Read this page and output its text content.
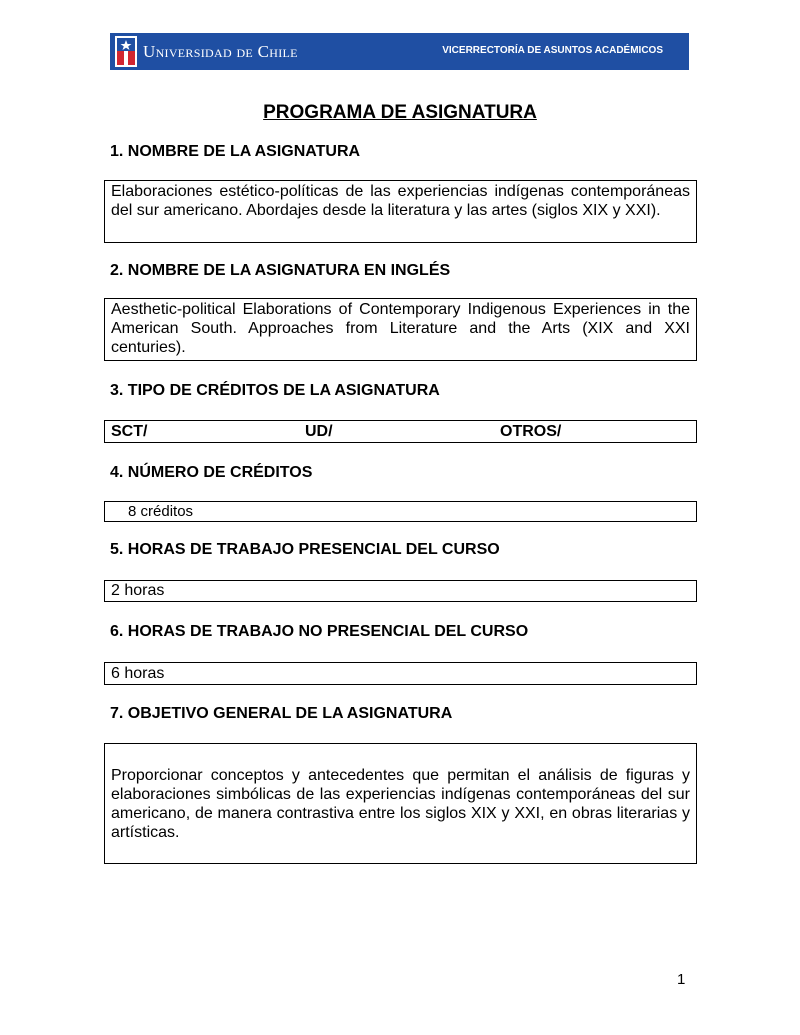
Universidad de Chile	VICERRECTORÍA DE ASUNTOS ACADÉMICOS
PROGRAMA DE ASIGNATURA
1. NOMBRE DE LA ASIGNATURA
Elaboraciones estético-políticas de las experiencias indígenas contemporáneas del sur americano. Abordajes desde la literatura y las artes (siglos XIX y XXI).
2. NOMBRE DE LA ASIGNATURA EN INGLÉS
Aesthetic-political Elaborations of Contemporary Indigenous Experiences in the American South. Approaches from Literature and the Arts (XIX and XXI centuries).
3. TIPO DE CRÉDITOS DE LA ASIGNATURA
SCT/	UD/	OTROS/
4. NÚMERO DE CRÉDITOS
8 créditos
5. HORAS DE TRABAJO PRESENCIAL DEL CURSO
2 horas
6. HORAS DE TRABAJO NO PRESENCIAL DEL CURSO
6 horas
7. OBJETIVO GENERAL DE LA ASIGNATURA
Proporcionar conceptos y antecedentes que permitan el análisis de figuras y elaboraciones simbólicas de las experiencias indígenas contemporáneas del sur americano, de manera contrastiva entre los siglos XIX y XXI, en obras literarias y artísticas.
1
